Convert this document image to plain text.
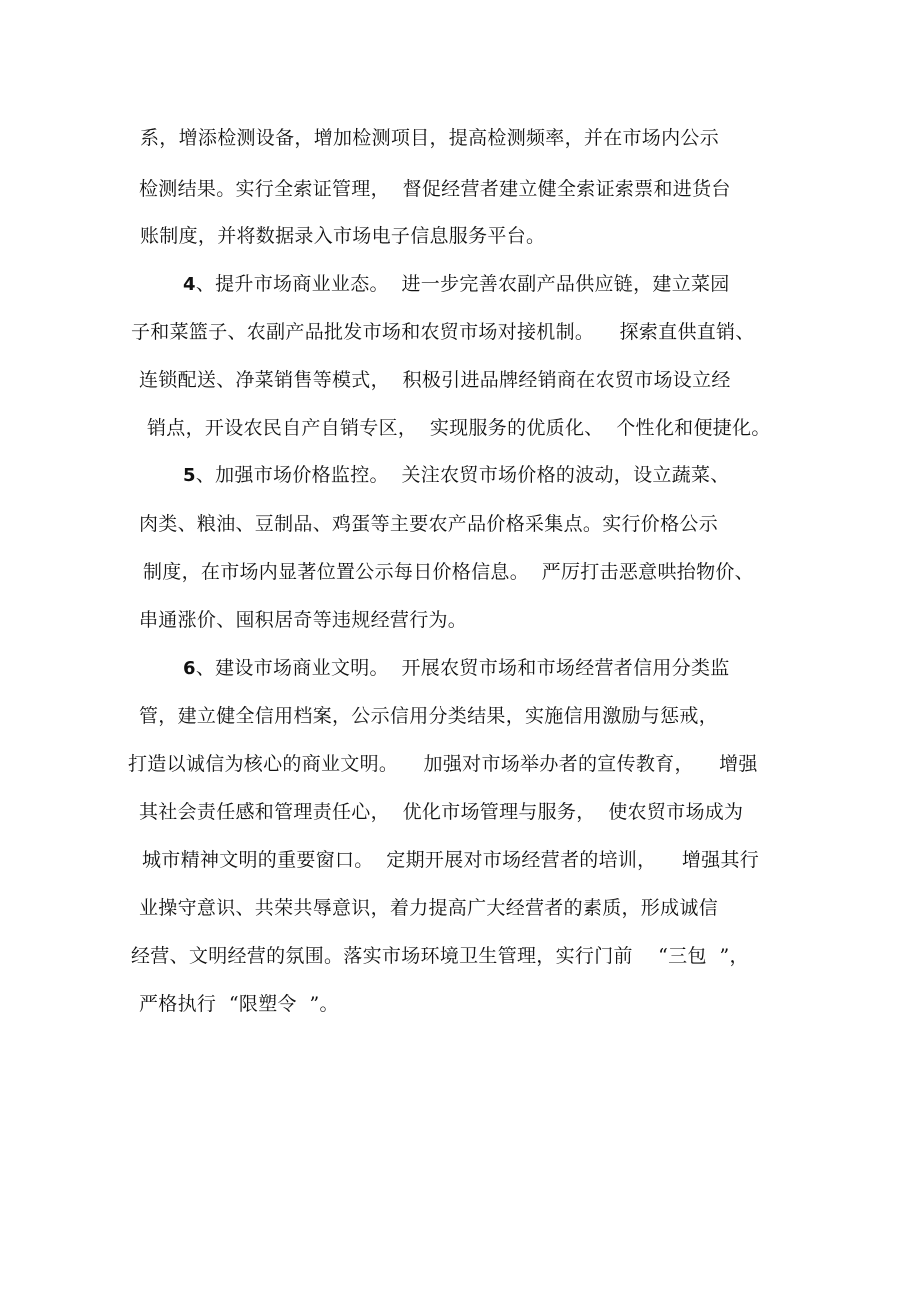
系，增添检测设备，增加检测项目，提高检测频率，并在市场内公示
检测结果。实行全索证管理，  督促经营者建立健全索证索票和进货台
账制度，并将数据录入市场电子信息服务平台。
4、提升市场商业业态。  进一步完善农副产品供应链，建立菜园
子和菜篮子、农副产品批发市场和农贸市场对接机制。    探索直供直销、
连锁配送、净菜销售等模式，  积极引进品牌经销商在农贸市场设立经
销点，开设农民自产自销专区，  实现服务的优质化、  个性化和便捷化。
5、加强市场价格监控。  关注农贸市场价格的波动，设立蔬菜、
肉类、粮油、豆制品、鸡蛋等主要农产品价格采集点。实行价格公示
制度，在市场内显著位置公示每日价格信息。  严厉打击恶意哄抬物价、
串通涨价、囤积居奇等违规经营行为。
6、建设市场商业文明。  开展农贸市场和市场经营者信用分类监
管，建立健全信用档案，公示信用分类结果，实施信用激励与惩戒，
打造以诚信为核心的商业文明。    加强对市场举办者的宣传教育，    增强
其社会责任感和管理责任心，  优化市场管理与服务，  使农贸市场成为
城市精神文明的重要窗口。  定期开展对市场经营者的培训，    增强其行
业操守意识、共荣共辱意识，着力提高广大经营者的素质，形成诚信
经营、文明经营的氛围。落实市场环境卫生管理，实行门前    “三包  ”，
严格执行  “限塑令  ”。
